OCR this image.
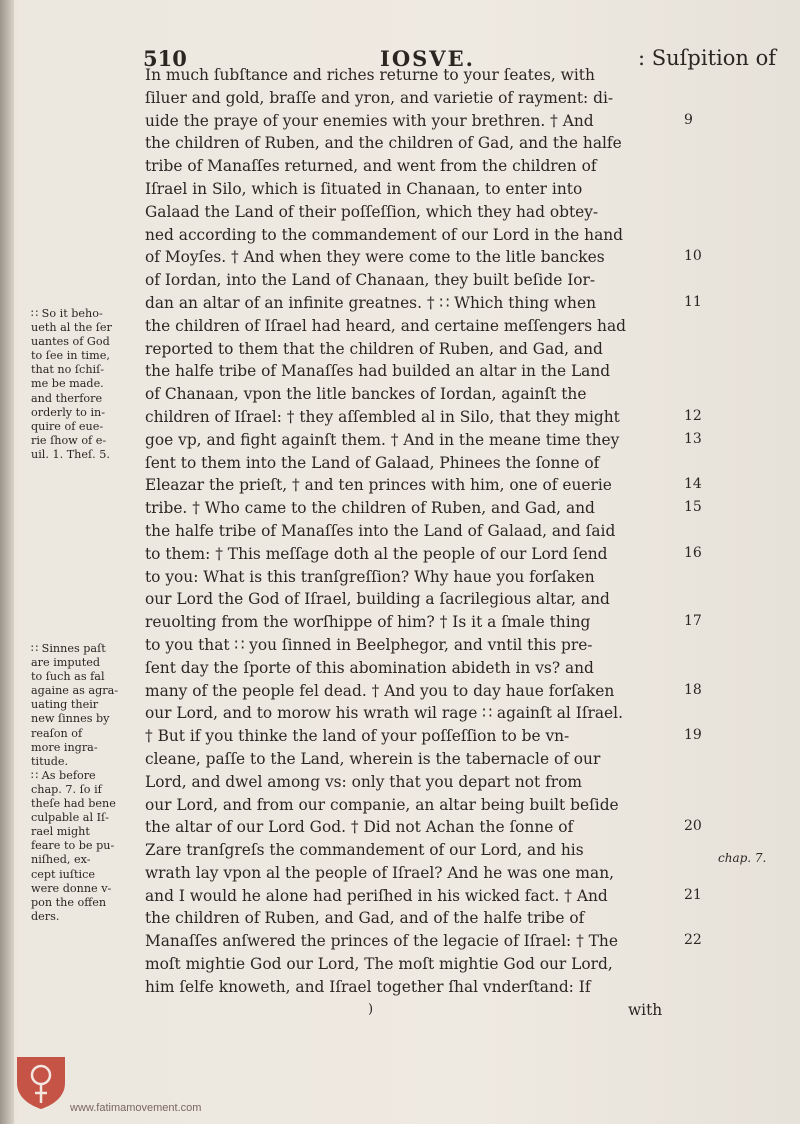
510	IOSVE.	: Suſpition of
∷ So it beho-
ueth al the ſer
uantes of God
to ſee in time,
that no ſchiſ-
me be made.
and therfore
orderly to in-
quire of eue-
rie ſhow of e-
uil. 1. Theſ. 5.
∷ Sinnes paſt
are imputed
to ſuch as fal
againe as agra-
uating their
new ſinnes by
reaſon of
more ingra-
titude.
∷ As before
chap. 7. ſo if
theſe had bene
culpable al Iſ-
rael might
feare to be pu-
niſhed, ex-
cept iuſtice
were donne v-
pon the offen
ders.
In much ſubſtance and riches returne to your ſeates, with
ſiluer and gold, braſſe and yron, and varietie of rayment: di-
uide the praye of your enemies with your brethren. † And
the children of Ruben, and the children of Gad, and the halfe
tribe of Manaſſes returned, and went from the children of
Iſrael in Silo, which is ſituated in Chanaan, to enter into
Galaad the Land of their poſſeſſion, which they had obtey-
ned according to the commandement of our Lord in the hand
of Moyſes. † And when they were come to the litle banckes
of Iordan, into the Land of Chanaan, they built beſide Ior-
dan an altar of an infinite greatnes. † ∷ Which thing when
the children of Iſrael had heard, and certaine meſſengers had
reported to them that the children of Ruben, and Gad, and
the halfe tribe of Manaſſes had builded an altar in the Land
of Chanaan, vpon the litle banckes of Iordan, againſt the
children of Iſrael: † they aſſembled al in Silo, that they might
goe vp, and fight againſt them. † And in the meane time they
ſent to them into the Land of Galaad, Phinees the ſonne of
Eleazar the prieſt, † and ten princes with him, one of euerie
tribe. † Who came to the children of Ruben, and Gad, and
the halfe tribe of Manaſſes into the Land of Galaad, and ſaid
to them: † This meſſage doth al the people of our Lord ſend
to you: What is this tranſgreſſion? Why haue you forſaken
our Lord the God of Iſrael, building a ſacrilegious altar, and
reuolting from the worſhippe of him? † Is it a ſmale thing
to you that ∷ you ſinned in Beelphegor, and vntil this pre-
ſent day the ſporte of this abomination abideth in vs? and
many of the people fel dead. † And you to day haue forſaken
our Lord, and to morow his wrath wil rage ∷ againſt al Iſrael.
† But if you thinke the land of your poſſeſſion to be vn-
cleane, paſſe to the Land, wherein is the tabernacle of our
Lord, and dwel among vs: only that you depart not from
our Lord, and from our companie, an altar being built beſide
the altar of our Lord God. † Did not Achan the ſonne of
Zare tranſgreſs the commandement of our Lord, and his
wrath lay vpon al the people of Iſrael? And he was one man,
and I would he alone had periſhed in his wicked fact. † And
the children of Ruben, and Gad, and of the halfe tribe of
Manaſſes anſwered the princes of the legacie of Iſrael: † The
moſt mightie God our Lord, The moſt mightie God our Lord,
him ſelfe knoweth, and Iſrael together ſhal vnderſtand: If
9
10
11
12
13
14
15
16
17
18
19
20
21
22
chap. 7.
)	with
www.fatimamovement.com
